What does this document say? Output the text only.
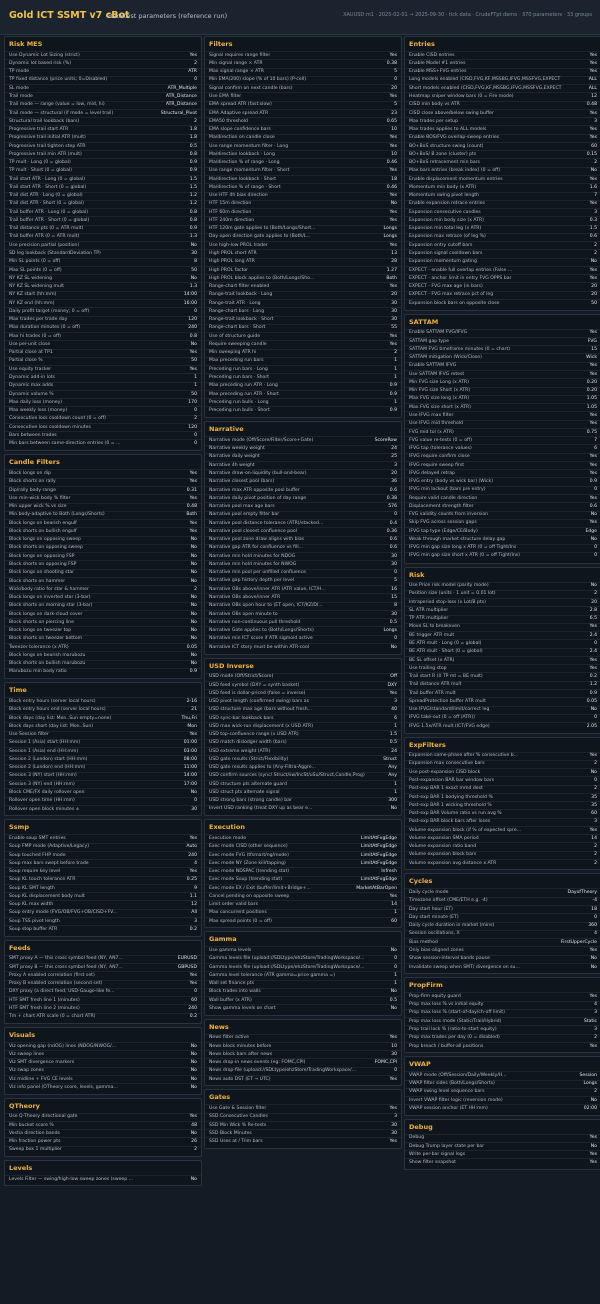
Gold ICT SSMT v7 cBot
Backtest parameters (reference run)	XAUUSD m1 · 2025-02-01 → 2025-09-30 · tick data · CrudeFTpt demo · 370 parameters · 33 groups
Risk MES
Use Dynamic Lot Sizing (strict)	Yes
Dynamic lot based risk (%)	2
TP mode	ATR
TP fixed distance (price units; 0=Disabled)	0
SL mode	ATR_Multiple
Trail mode	ATR_Distance
Trail mode — range (value = low, mid, hi)	ATR_Distance
Trail mode — structural (if mode = level trail)	Structural_Pivot
Structural trail lookback (bars)	2
Progressive trail start ATR	1.8
Progressive trail initial ATR (mult)	1.8
Progressive trail tighten step ATR	0.5
Progressive trail min ATR (mult)	0.8
TP mult · Long (0 = global)	0.9
TP mult · Short (0 = global)	0.9
Trail start ATR · Long (0 = global)	1.5
Trail start ATR · Short (0 = global)	1.5
Trail dist ATR · Long (0 = global)	1.2
Trail dist ATR · Short (0 = global)	1.2
Trail buffer ATR · Long (0 = global)	0.8
Trail buffer ATR · Short (0 = global)	0.8
Trail distance pts (0 = ATR mult)	0.9
Trail buffer ATR (0 = ATR mult)	1.3
Use precision partial (position)	No
SD leg lookback (StandardDeviation TP)	30
Min SL points (0 = off)	8
Max SL points (0 = off)	50
NY KZ SL widening	No
NY KZ SL widening mult	1.3
NY KZ start (hh:mm)	14:00
NY KZ end (hh:mm)	16:00
Daily profit target (money; 0 = off)	0
Max trades per trade day	120
Max duration minutes (0 = off)	240
Max hi trades (0 = off)	0.8
Use per-unit close	No
Partial close at TP1	Yes
Partial close %	50
Use equity tracker	Yes
Dynamic add-in lots	1
Dynamic max adds	1
Dynamic volume %	50
Max daily loss (money)	170
Max weekly loss (money)	0
Consecutive loss cooldown count (0 = off)	2
Consecutive loss cooldown minutes	120
Bars between trades	0
Min bars between same-direction entries (0 = ...	0
Candle Filters
Block longs on dip	Yes
Block shorts on rally	Yes
Dip/rally body range	0.31
Use min-wick body % filter	Yes
Min upper wick % vs size	0.48
Min body-adaptive to Both (Longs/Shorts)	Both
Block longs on bearish engulf	Yes
Block shorts on bullish engulf	Yes
Block longs on opposing sweep	No
Block shorts on opposing sweep	No
Block longs on opposing FSP	No
Block shorts on opposing FSP	No
Block longs on shooting star	No
Block shorts on hammer	No
Wick/body ratio for star & hammer	2
Block longs on inverted star (3-bar)	No
Block shorts on morning star (3-bar)	No
Block longs on dark-cloud cover	No
Block shorts on piercing line	No
Block longs on tweezer top	No
Block shorts on tweezer bottom	No
Tweezer tolerance (x ATR)	0.05
Block longs on bearish marubozu	No
Block shorts on bullish marubozu	No
Marubozu min body ratio	0.9
Time
Block entry hours (server local hours)	2-16
Block entry hours end (server local hours)	21
Block days (day list: Mon..Sun empty=none)	Thu,Fri
Block days short (day list: Mon..Sun)	Mon
Use Session filter	Yes
Session 1 (Asia) start (HH:mm)	01:00
Session 1 (Asia) end (HH:mm)	03:00
Session 2 (London) start (HH:mm)	08:00
Session 2 (London) end (HH:mm)	11:00
Session 3 (NY) start (HH:mm)	14:00
Session 3 (NY) end (HH:mm)	17:00
Block CME/FX daily rollover open	No
Rollover open time (HH:mm)	0
Rollover open block minutes ±	30
Ssmp
Enable soup SMT entries	Yes
Soup FMP mode (Adaptive/Legacy)	Auto
Soup touched FHP mode	240
Soup max bars swept before trade	4
Soup require key level	Yes
Soup KL touch tolerance ATR	0.25
Soup KL SMT length	9
Soup KL displacement body mult	1.1
Soup KL max width	12
Soup entry mode (FVG/OB/FVG+OB/CISD+FV...	All
Soup TSS pivot length	3
Soup stop buffer ATR	0.2
Feeds
SMT proxy A — this cross symbol feed (NY, AN7...	EURUSD
SMT proxy B — this cross symbol feed (NY, AN7...	GBPUSD
Proxy A enabled correlation (first set)	Yes
Proxy B enabled correlation (second set)	Yes
DXY proxy (a direct feed; USD-Gauge-like fe...	0
HTF SMT fresh line 1 (minutes)	60
HTF SMT fresh line 2 (minutes)	240
Tm + chart ATR scale (0 = chart ATR)	0.2
Visuals
Viz opening gap (ndOG) lines (NDOG/NWOG/...	No
Viz sweep lines	No
Viz SMT divergence markers	No
Viz swap zones	No
Viz midline + FVG CE levels	No
Viz info panel (OTheory score, levels, gamma...	No
QTheory
Use Q-Theory directional gate	Yes
Min bucket score %	48
Vestia direction bands	No
Min fraction power pts	26
Sweep box 1 multiplier	2
Levels
Levels Filter — swing/high-low sweep zones (sweep ...	No
Filters
Signal requires range filter	Yes
Min signal range × ATR	0.38
Max signal range × ATR	5
Min EMA(200) slope (% of 10 bars) (P-cell)	0
Signal confirm on next candle (bars)	20
Use EMA filter	Yes
EMA spread ATR (fast:slow)	5
EMA Adaptive spread ATR	23
EMA50 threshold	0.65
EMA slope confidence bars	10
Ma/direction on candle close	Yes
Use range momentum filter · Long	Yes
Ma/direction lookback · Long	10
Ma/direction % of range · Long	0.46
Use range momentum filter · Short	Yes
Ma/direction lookback · Short	18
Ma/direction % of range · Short	0.46
Use HTF 4h bias direction	Yes
HTF 15m direction	No
HTF 60m direction	Yes
HTF 240m direction	Yes
HTF 120m gate applies to (Both/Longs/Short...	Longs
Day open direction gate applies to (Both/L...	Longs
Use high-low PROL trader	Yes
High PROL short ATR	13
High PROL long ATR	28
High PROL factor	1.27
High PROL block applies to (Both/Longs/Sho...	Both
Range-chart filter enabled	Yes
Range-trait lookback · Long	20
Range-trait ATR · Long	30
Range-chart bars · Long	30
Range-trait lookback · Short	30
Range-chart bars · Short	55
Use of structure guide	Yes
Require sweeping candle	Yes
Min sweeping ATR hi	2
Max preceding run bars	1
Preceding run bars · Long	1
Preceding run bars · Short	1
Max preceding run ATR · Long	0.9
Max preceding run ATR · Short	0.9
Preceding run bulls · Long	1
Preceding run bulls · Short	0.9
Narrative
Narrative mode (Off/Score/Filter/Score+Gate)	ScoreRow
Narrative weekly weight	24
Narrative daily weight	25
Narrative 4h weight	3
Narrative draw-on-liquidity (bull-and-bear)	20
Narrative closest pool (bars)	36
Narrative max ATR opposite pool buffer	0.6
Narrative daily pivot position of day range	0.38
Narrative pool max age bars	576
Narrative pool empty filter bar	0
Narrative pool distance tolerance (ATR)/stacked...	0.4
Narrative pool closest confluence pool	0.36
Narrative pool zone draw aligns with bias	0.6
Narrative gap ATR for confluence vs fill...	0.6
Narrative min hold minutes for NDOG	30
Narrative min hold minutes for NWOG	30
Narrative min pool per unfilled confluence	0
Narrative gap history depth per level	5
Narrative OBs above/inner ATR (ATR value, ICT/H...	16
Narrative OBs above/inner ATR	15
Narrative OBs open hour to (ET open, ICT/KZ/DI...	8
Narrative OBs open minute to	30
Narrative non-continuous pull threshold	0.5
Narrative Gate applies to (Both/Longs/Shorts)	Longs
Narrative min ICT score if ATR sigmoid active	0
Narrative ICT story must be within ATR-cool	No
USD Inverse
USD mode (Off/Strict/Score)	Off
USD feed symbol (DXY = synth basket)	DXY
USD feed is dollar-priced (false = inverse)	Yes
USD pivot length (confirmed swing) bars as	3
USD structure max age (bars without fresh...	40
USD sync-bar lookback bars	6
USD max wick-run displacement (x USD ATR)	1
USD top-confluence range (x USD ATR)	1.5
USD match dislodger width (bars)	0.5
USD extreme weight (ATR)	24
USD gate results (Strict/Flexibility)	Struct
USD gate results applies to (Any-Filtra-Aggre...	Any
USD confirm sources (sync/ Struct/sw/IncSt/uSu/Struct,Candle,Prog)	Any
USD structure pts alternate guard	1
USD struct pts alternate signal	1
USD strong bars (strong candle) bar	300
Invert USD ranking (treat DXY up as bear e...	No
Execution
Execution mode	LimitAtFvgEdge
Exec mode CISD (other sequence)	LimitAtFvgEdge
Exec mode FVG (tfsmart/ng/mode)	LimitAtFvgEdge
Exec mode NY (Zone kill/tapping)	LimitAtFvgEdge
Exec mode NDSPAC (trending stat)	Infresh
Exec mode Soup (trending stat)	LimitAtFvgEdge
Exec mode EX / Exit (buffer/limit+Bridge+...	MarketAtBarOpen
Cancel pending on opposite sweep	Yes
Limit order valid bars	14
Max concurrent positions	1
Max spread points (0 = off)	60
Gamma
Use gamma levels	No
Gamma levels file (upload://SDLtype/ehzStore/TradingWorkspace/...	0
Gamma levels file (upload://SDLtype/ehzStore/TradingWorkspace/...	0
Gamma level tolerance (ATR gamma=price gamma =)	1
Wall set finance pts	1
Block trades into walls	No
Wall buffer (x ATR)	0.5
Show gamma levels on chart	No
News
News filter active	Yes
News block minutes before	10
News block bars after news	30
News drop-in news events (eg: FOMC,CPI)	FOMC,CPI
News drop-file (upload://SDLtype/ehzStore/TradingWorkspace/...	0
News auto DST (ET → UTC)	Yes
Gates
Use Gate & Session filter	Yes
SSD Consecutive Candles	3
SSD Min Wick % Re-tests	30
SSD Block Minutes	30
SSD Uses at / Trim bars	Yes
Entries
Enable CISD entries	Yes
Enable Model #1 entries	Yes
Enable MSS+FVG entries	Yes
Long models enabled (CISD,FVG,KF,MSSBG,IFVG,MSSFVG,EXPECT	ALL
Short models enabled (CISD,FVG,KF,MSSBG,IFVG,MSSFVG,EXPECT	ALL
Heatmap sniper window bars (0 = Fire mode)	12
CISD min body vs ATR	0.48
CISD close above/below swing buffer	Yes
Max trades per setup	3
Max trades applies to ALL models	Yes
Enable BOS/FVG overlap-sweep entries	Yes
BO+BoS structure swing (count)	60
BO+BoS/ B zone (cluster) pts	0.15
BO+BoS retracement min bars	2
Max bars entries (break index) (0 = off)	No
Enable displacement momentum entries	Yes
Momentum min body (x ATR)	1.6
Momentum swing pivot length	7
Enable expansion retrace entries	Yes
Expansion consecutive candles	3
Expansion min body size (x ATR)	0.3
Expansion min total leg (x ATR)	1.5
Expansion max retrace (of leg %)	0.6
Expansion entry cutoff bars	2
Expansion signal cooldown bars	2
Expansion momentum gating	No
EXPECT - enable full overlap entries (False ...	Yes
EXPECT - anchor limit in entry FVG OPPS bar	Yes
EXPECT - FVG max age (in bars)	20
EXPECT - FVG max retrace pct of leg	20
Expansion block bars on opposite close	50
SATTAM
Enable SATTAM FVG/IFVG	Yes
SATTAM gap type	FVG
SATTAM FVG timeframe minutes (0 = chart)	15
SATTAM mitigation (Wick/Close)	Wick
Enable SATTAM IFVG	Yes
Use SATTAM IFVG retest	Yes
Min FVG size Long (x ATR)	0.20
Min FVG size Short (x ATR)	0.20
Max FVG size long (x ATR)	1.05
Max FVG size short (x ATR)	1.05
Use IFVG max filter	Yes
Use IFVG mid threshold	Yes
FVG mid tol (x ATR)	0.75
FVG value re-tests (0 = off)	7
IFVG tap (tolerance values)	6
IFVG require confirm close	Yes
IFVG require sweep first	Yes
IFVG delayed retrap	Yes
IFVG entry (body vs wick bar) (Wick)	0.9
IFVG min lockout (bars pre entry)	0
Require valid candle direction	Yes
Displacement strength filter	0.6
FVG validity counts from inversion	No
Skip FVG across session gaps	Yes
IFVG tap type (Edge/CE/Body)	Edge
Weak through market structure delay gap	No
IFVG min gap size long x ATR (0 = off Tight/Ins	0
IFVG min gap size short x ATR (0 = off Tight/Ins)	0
Risk
Use Price risk model (parity mode)	No
Position size (units · 1 unit = 0.01 lot)	2
Intraperiod stop-loss (x Lot/B pts)	20
SL ATR multiplier	2.8
TP ATR multiplier	6.5
Move SL to breakeven	Yes
BE trigger ATR mult	2.4
BE ATR mult · Long (0 = global)	0
BE ATR mult · Short (0 = global)	2.4
BE SL offset (x ATR)	Yes
Use trailing stop	Yes
Trail start R (0 TP mt = BE mult)	0.2
Trail distance ATR mult	1.2
Trail buffer ATR mult	0.9
SpreadProtection buffer ATR mult	0.05
Use IFVG/standard/limit/correct leg	No
IFVG take-out (0 = off (ATR))	0
IFVG 1.5x/ATR mult (ICT/FVG edge)	2.05
ExpFilters
Expansion same-phase after % consecutive b...	Yes
Expansion max consecutive bars	2
Use post-expansion CISD block	No
Post-expansion BAR bar window bars	0
Post-exp BAR 1 exact mmd dest	2
Post-exp BAR 1 bodying threshold %	35
Post-exp BAR 1 wicking threshold %	35
Post-exp BAR Volume ratio vs run avg %	60
Post-exp BAR block bars after loses	3
Volume expansion block (if % of expected spre...	Yes
Volume expansion SMA period	14
Volume expansion ratio band	2
Volume expansion block bars	2
Volume expansion avg distance x ATR	2
Cycles
Daily cycle mode	DayofTheory
Timezone offset (CME/ETH e.g. -4)	-4
Day start hour (ET)	18
Day start minute (ET)	0
Daily cycle duration in market (mins)	360
Session oscillations, X	4
Bias method	FirstUpperCycle
Only bias-aligned zones	Yes
Show session-interval bands pause	No
Invalidate sweep when SMT/ divergence on su...	No
PropFirm
Prop-firm equity guard	Yes
Prop max loss % vs initial equity	4
Prop max loss % (start-of-day/ch-off limit)	3
Prop max loss mode (Static/Trail/Hybrid)	Static
Prop trail lock % (ratio-to-start equity)	3
Prop max trades per day (0 = disabled)	2
Prop breach / buffer-all positions	Yes
VWAP
VWAP mode (Off/Session/Daily/Weekly/H...	Session
VWAP filter sides (Both/Longs/Shorts)	Longs
VWAP swing level sequence bars	2
Invert VWAP filter logic (reversion mode)	No
VWAP session anchor (ET HH:mm)	02:00
Debug
Debug	Yes
Debug Trump layer state per bar	No
Write per-bar signal logs	Yes
Show filter snapshot	Yes
